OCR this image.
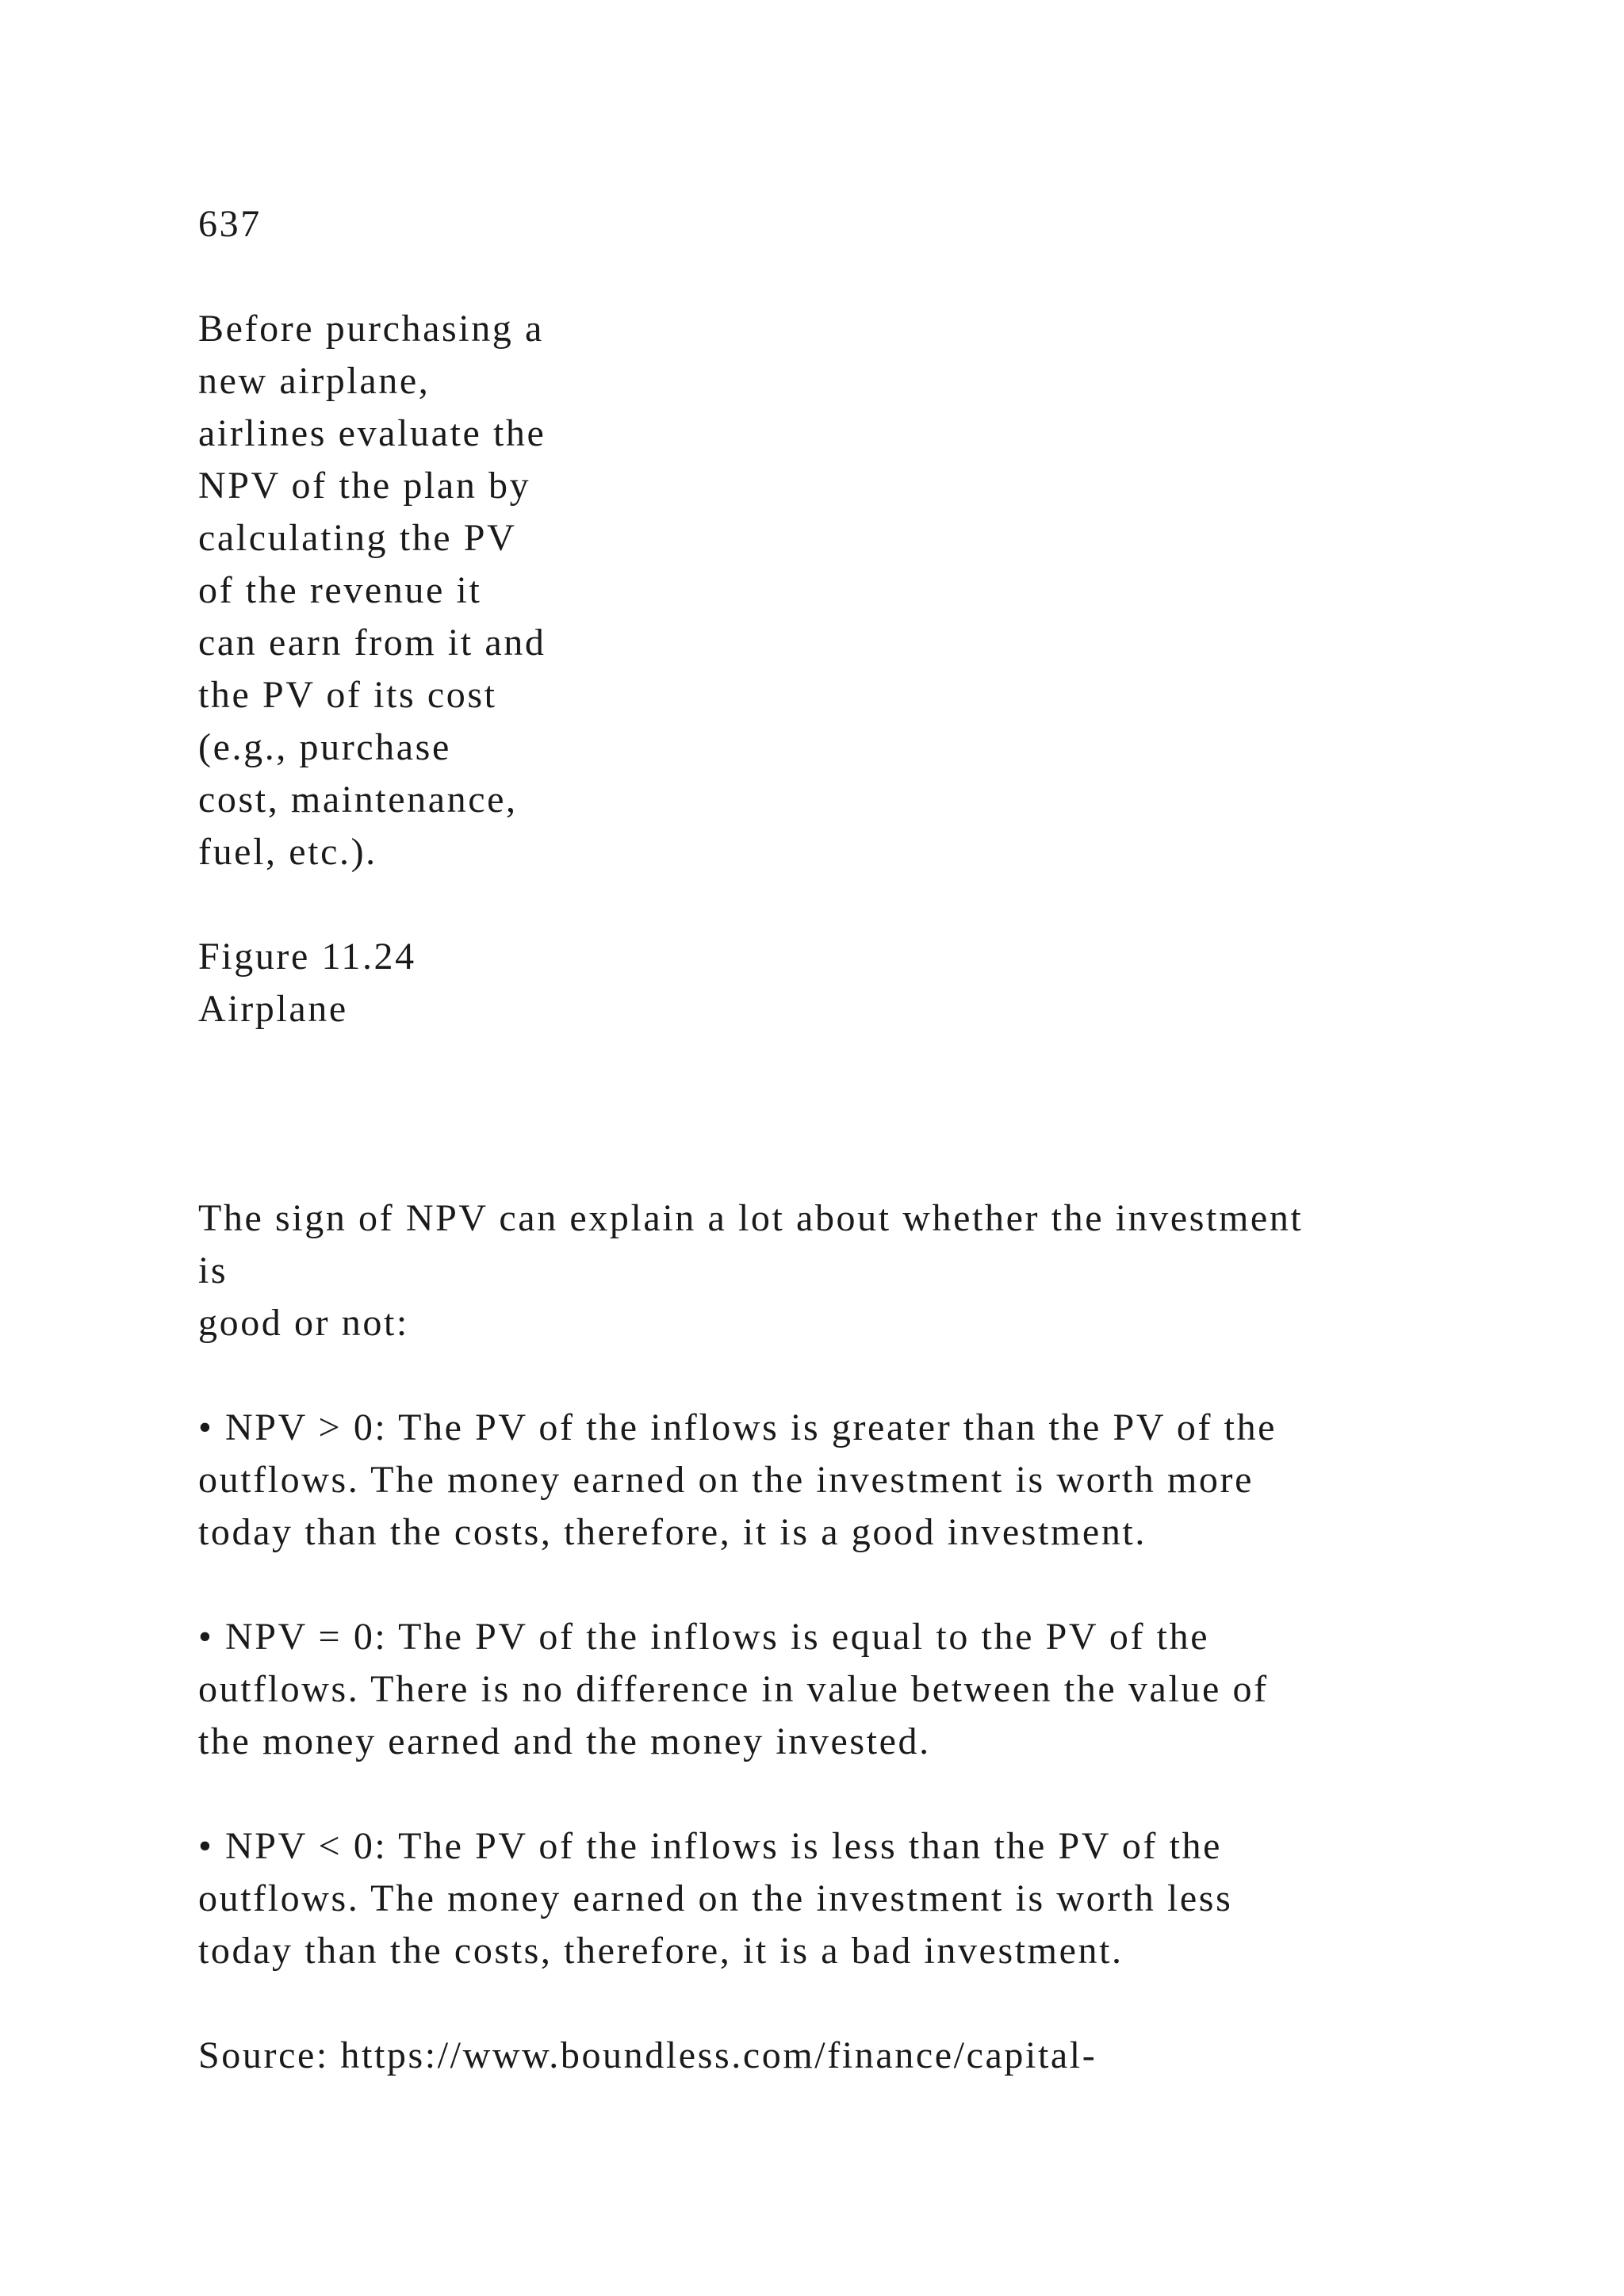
637

Before purchasing a

new airplane,

airlines evaluate the

NPV of the plan by

calculating the PV

of the revenue it

can earn from it and

the PV of its cost

(e.g., purchase

cost, maintenance,

fuel, etc.).

Figure 11.24

Airplane

The sign of NPV can explain a lot about whether the investment

is

good or not:

• NPV > 0: The PV of the inflows is greater than the PV of the

outflows. The money earned on the investment is worth more

today than the costs, therefore, it is a good investment.

• NPV = 0: The PV of the inflows is equal to the PV of the

outflows. There is no difference in value between the value of

the money earned and the money invested.

• NPV < 0: The PV of the inflows is less than the PV of the

outflows. The money earned on the investment is worth less

today than the costs, therefore, it is a bad investment.

Source: https://www.boundless.com/finance/capital-
